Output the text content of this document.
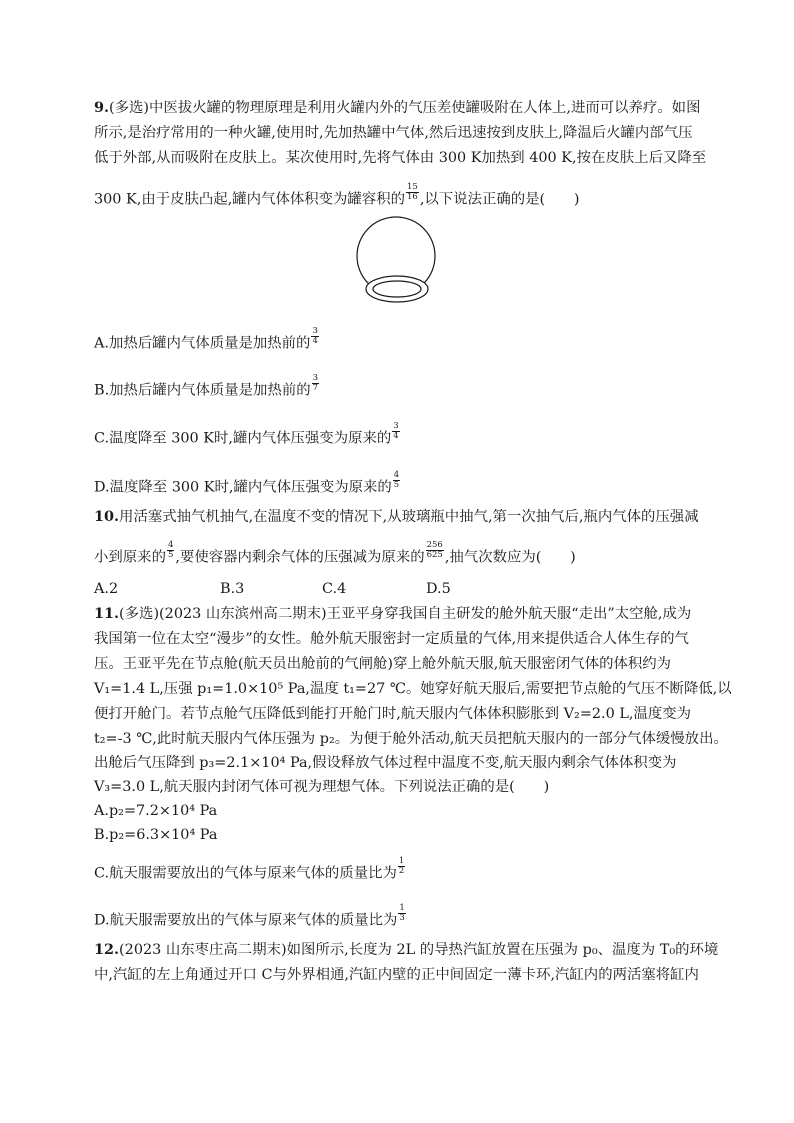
9.(多选)中医拔火罐的物理原理是利用火罐内外的气压差使罐吸附在人体上,进而可以养疗。如图
所示,是治疗常用的一种火罐,使用时,先加热罐中气体,然后迅速按到皮肤上,降温后火罐内部气压
低于外部,从而吸附在皮肤上。某次使用时,先将气体由 300 K加热到 400 K,按在皮肤上后又降至
300 K,由于皮肤凸起,罐内气体体积变为罐容积的 $\frac{15}{16}$ ,以下说法正确的是(　　)
A.加热后罐内气体质量是加热前的 $\frac{3}{4}$
B.加热后罐内气体质量是加热前的 $\frac{3}{7}$
C.温度降至 300 K时,罐内气体压强变为原来的 $\frac{3}{4}$
D.温度降至 300 K时,罐内气体压强变为原来的 $\frac{4}{5}$
10.用活塞式抽气机抽气,在温度不变的情况下,从玻璃瓶中抽气,第一次抽气后,瓶内气体的压强减
小到原来的 $\frac{4}{5}$ ,要使容器内剩余气体的压强减为原来的 $\frac{256}{625}$ ,抽气次数应为(　　)
A.2	B.3	C.4	D.5
11.(多选)(2023 山东滨州高二期末)王亚平身穿我国自主研发的舱外航天服“走出”太空舱,成为
我国第一位在太空“漫步”的女性。舱外航天服密封一定质量的气体,用来提供适合人体生存的气
压。王亚平先在节点舱(航天员出舱前的气闸舱)穿上舱外航天服,航天服密闭气体的体积约为
V₁=1.4 L,压强 p₁=1.0×10⁵ Pa,温度 t₁=27 ℃。她穿好航天服后,需要把节点舱的气压不断降低,以
便打开舱门。若节点舱气压降低到能打开舱门时,航天服内气体体积膨胀到 V₂=2.0 L,温度变为
t₂=-3 ℃,此时航天服内气体压强为 p₂。为便于舱外活动,航天员把航天服内的一部分气体缓慢放出。
出舱后气压降到 p₃=2.1×10⁴ Pa,假设释放气体过程中温度不变,航天服内剩余气体体积变为
V₃=3.0 L,航天服内封闭气体可视为理想气体。下列说法正确的是(　　)
A.p₂=7.2×10⁴ Pa
B.p₂=6.3×10⁴ Pa
C.航天服需要放出的气体与原来气体的质量比为 $\frac{1}{2}$
D.航天服需要放出的气体与原来气体的质量比为 $\frac{1}{3}$
12.(2023 山东枣庄高二期末)如图所示,长度为 2L 的导热汽缸放置在压强为 p₀、温度为 T₀的环境
中,汽缸的左上角通过开口 C与外界相通,汽缸内壁的正中间固定一薄卡环,汽缸内的两活塞将缸内
